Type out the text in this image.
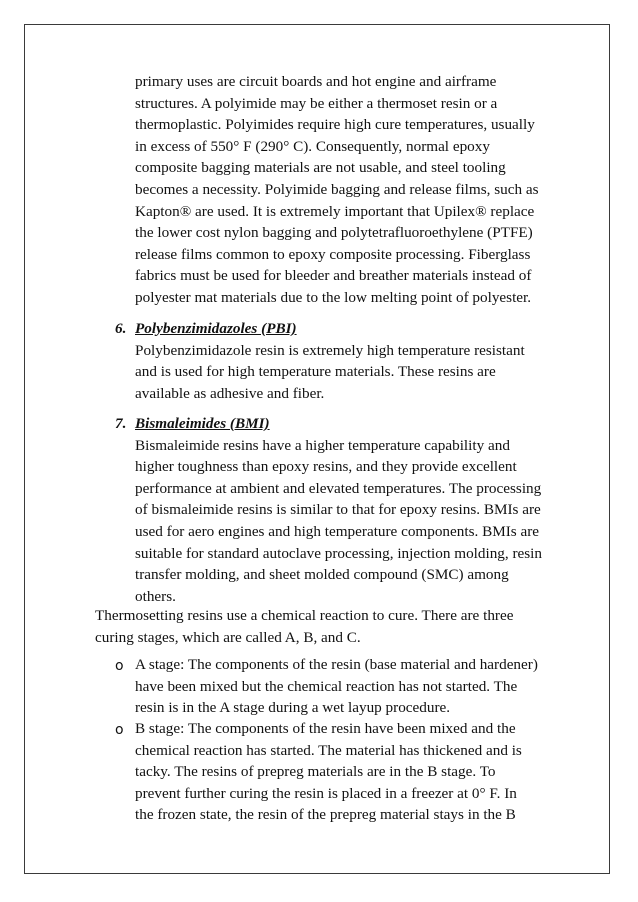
primary uses are circuit boards and hot engine and airframe
structures. A polyimide may be either a thermoset resin or a
thermoplastic. Polyimides require high cure temperatures, usually
in excess of 550° F (290° C). Consequently, normal epoxy
composite bagging materials are not usable, and steel tooling
becomes a necessity. Polyimide bagging and release films, such as
Kapton® are used. It is extremely important that Upilex® replace
the lower cost nylon bagging and polytetrafluoroethylene (PTFE)
release films common to epoxy composite processing. Fiberglass
fabrics must be used for bleeder and breather materials instead of
polyester mat materials due to the low melting point of polyester.
6. Polybenzimidazoles (PBI)
Polybenzimidazole resin is extremely high temperature resistant
and is used for high temperature materials. These resins are
available as adhesive and fiber.
7. Bismaleimides (BMI)
Bismaleimide resins have a higher temperature capability and
higher toughness than epoxy resins, and they provide excellent
performance at ambient and elevated temperatures. The processing
of bismaleimide resins is similar to that for epoxy resins. BMIs are
used for aero engines and high temperature components. BMIs are
suitable for standard autoclave processing, injection molding, resin
transfer molding, and sheet molded compound (SMC) among
others.
Thermosetting resins use a chemical reaction to cure. There are three
curing stages, which are called A, B, and C.
o A stage: The components of the resin (base material and hardener)
have been mixed but the chemical reaction has not started. The
resin is in the A stage during a wet layup procedure.
o B stage: The components of the resin have been mixed and the
chemical reaction has started. The material has thickened and is
tacky. The resins of prepreg materials are in the B stage. To
prevent further curing the resin is placed in a freezer at 0° F. In
the frozen state, the resin of the prepreg material stays in the B
